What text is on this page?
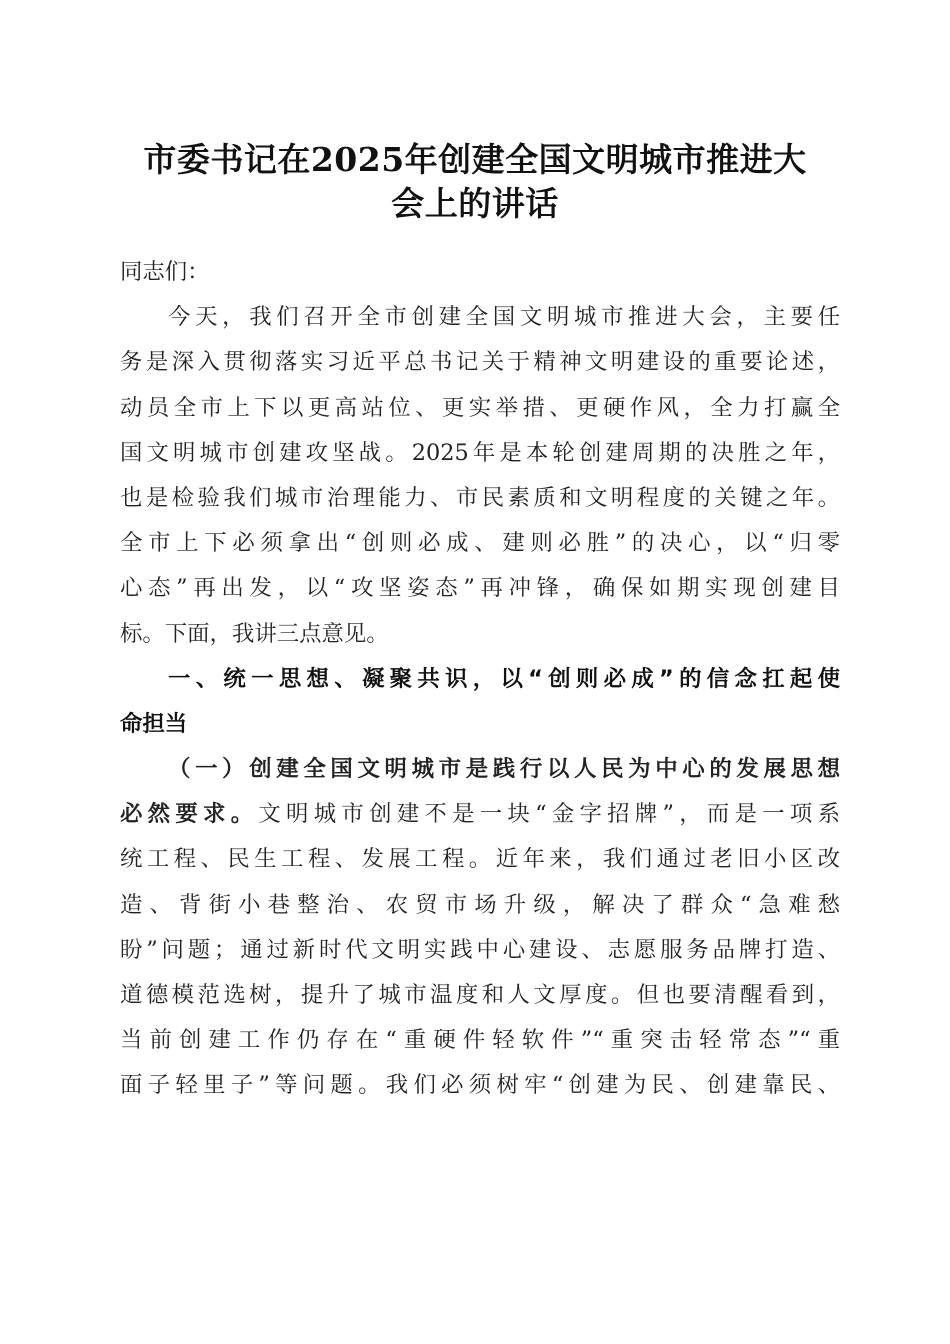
市委书记在2025年创建全国文明城市推进大
会上的讲话
同志们：
今天，我们召开全市创建全国文明城市推进大会，主要任
务是深入贯彻落实习近平总书记关于精神文明建设的重要论述，
动员全市上下以更高站位、更实举措、更硬作风，全力打赢全
国文明城市创建攻坚战。2025年是本轮创建周期的决胜之年，
也是检验我们城市治理能力、市民素质和文明程度的关键之年。
全市上下必须拿出“创则必成、建则必胜”的决心，以“归零
心态”再出发，以“攻坚姿态”再冲锋，确保如期实现创建目
标。下面，我讲三点意见。
一、统一思想、凝聚共识，以“创则必成”的信念扛起使
命担当
（一）创建全国文明城市是践行以人民为中心的发展思想
必然要求。文明城市创建不是一块“金字招牌”，而是一项系
统工程、民生工程、发展工程。近年来，我们通过老旧小区改
造、背街小巷整治、农贸市场升级，解决了群众“急难愁
盼”问题；通过新时代文明实践中心建设、志愿服务品牌打造、
道德模范选树，提升了城市温度和人文厚度。但也要清醒看到，
当前创建工作仍存在“重硬件轻软件”“重突击轻常态”“重
面子轻里子”等问题。我们必须树牢“创建为民、创建靠民、
